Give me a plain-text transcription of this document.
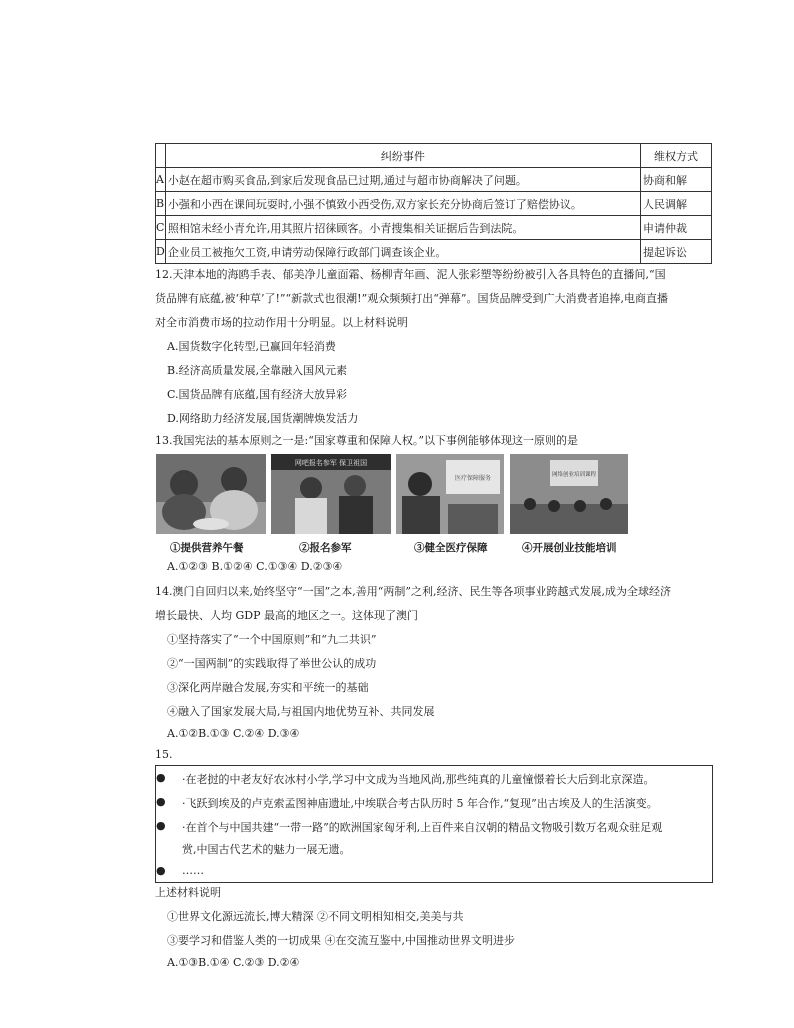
	纠纷事件	维权方式
A	小赵在超市购买食品,到家后发现食品已过期,通过与超市协商解决了问题。	协商和解
B	小强和小西在课间玩耍时,小强不慎致小西受伤,双方家长充分协商后签订了赔偿协议。	人民调解
C	照相馆未经小青允许,用其照片招徕顾客。小青搜集相关证据后告到法院。	申请仲裁
D	企业员工被拖欠工资,申请劳动保障行政部门调查该企业。	提起诉讼
12.天津本地的海鸥手表、郁美净儿童面霜、杨柳青年画、泥人张彩塑等纷纷被引入各具特色的直播间,“国
货品牌有底蕴,被‘种草’了!”“新款式也很潮!”观众频频打出“弹幕”。国货品牌受到广大消费者追捧,电商直播
对全市消费市场的拉动作用十分明显。以上材料说明
A.国货数字化转型,已赢回年轻消费
B.经济高质量发展,全靠融入国风元素
C.国货品牌有底蕴,国有经济大放异彩
D.网络助力经济发展,国货潮牌焕发活力
13.我国宪法的基本原则之一是:“国家尊重和保障人权。”以下事例能够体现这一原则的是
网吧报名参军 保卫祖国
医疗保障服务	网络创业培训课程
①提供营养午餐	②报名参军	③健全医疗保障	④开展创业技能培训
A.①②③ B.①②④ C.①③④ D.②③④
14.澳门自回归以来,始终坚守“一国”之本,善用“两制”之利,经济、民生等各项事业跨越式发展,成为全球经济
增长最快、人均 GDP 最高的地区之一。这体现了澳门
①坚持落实了“一个中国原则”和“九二共识”
②“一国两制”的实践取得了举世公认的成功
③深化两岸融合发展,夯实和平统一的基础
④融入了国家发展大局,与祖国内地优势互补、共同发展
A.①②B.①③ C.②④ D.③④
15.
● ·在老挝的中老友好农冰村小学,学习中文成为当地风尚,那些纯真的儿童憧憬着长大后到北京深造。
● ·飞跃到埃及的卢克索孟图神庙遗址,中埃联合考古队历时 5 年合作,“复现”出古埃及人的生活演变。
● ·在首个与中国共建“一带一路”的欧洲国家匈牙利,上百件来自汉朝的精品文物吸引数万名观众驻足观
赏,中国古代艺术的魅力一展无遗。
● ……
上述材料说明
①世界文化源远流长,博大精深 ②不同文明相知相交,美美与共
③要学习和借鉴人类的一切成果 ④在交流互鉴中,中国推动世界文明进步
A.①③B.①④ C.②③ D.②④
